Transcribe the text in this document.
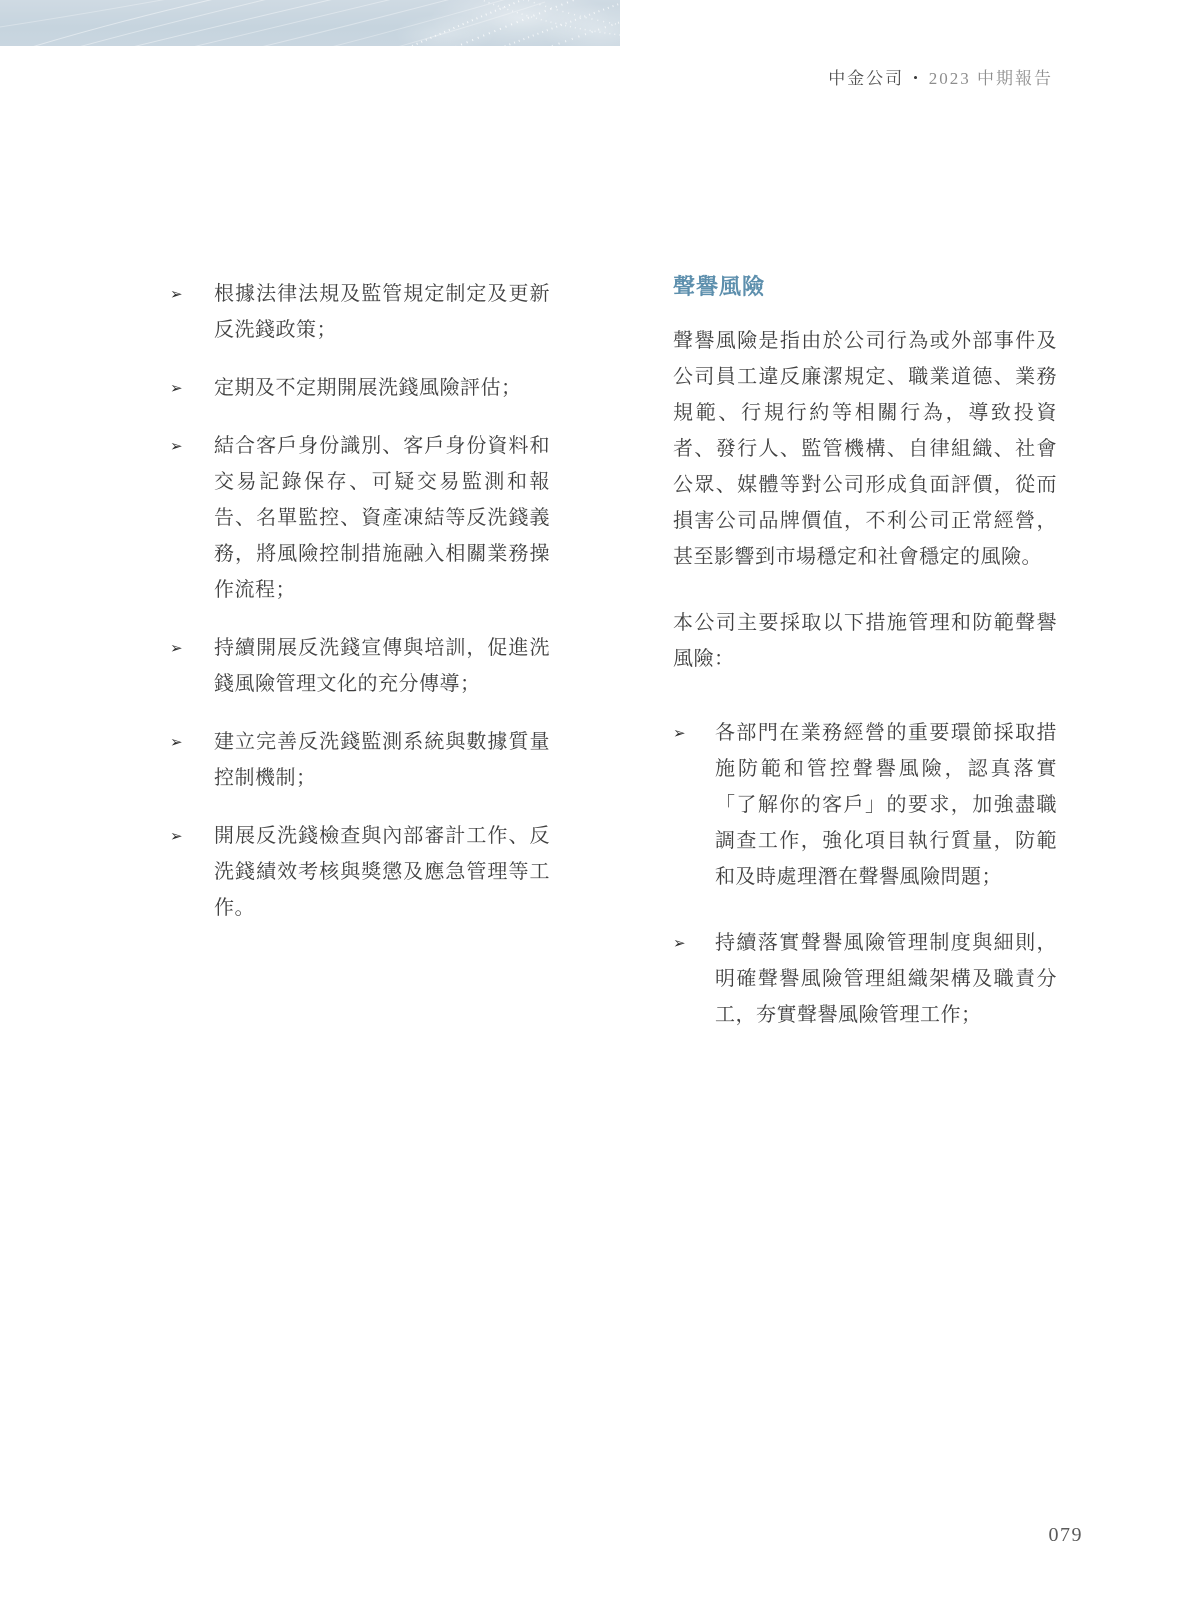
中金公司 • 2023 中期報告
➢	根據法律法規及監管規定制定及更新反洗錢政策；
➢	定期及不定期開展洗錢風險評估；
➢	結合客戶身份識別、客戶身份資料和交易記錄保存、可疑交易監測和報告、名單監控、資產凍結等反洗錢義務，將風險控制措施融入相關業務操作流程；
➢	持續開展反洗錢宣傳與培訓，促進洗錢風險管理文化的充分傳導；
➢	建立完善反洗錢監測系統與數據質量控制機制；
➢	開展反洗錢檢查與內部審計工作、反洗錢績效考核與獎懲及應急管理等工作。
聲譽風險
聲譽風險是指由於公司行為或外部事件及公司員工違反廉潔規定、職業道德、業務規範、行規行約等相關行為，導致投資者、發行人、監管機構、自律組織、社會公眾、媒體等對公司形成負面評價，從而損害公司品牌價值，不利公司正常經營，甚至影響到市場穩定和社會穩定的風險。
本公司主要採取以下措施管理和防範聲譽風險：
➢	各部門在業務經營的重要環節採取措施防範和管控聲譽風險，認真落實「了解你的客戶」的要求，加強盡職調查工作，強化項目執行質量，防範和及時處理潛在聲譽風險問題；
➢	持續落實聲譽風險管理制度與細則，明確聲譽風險管理組織架構及職責分工，夯實聲譽風險管理工作；
079
